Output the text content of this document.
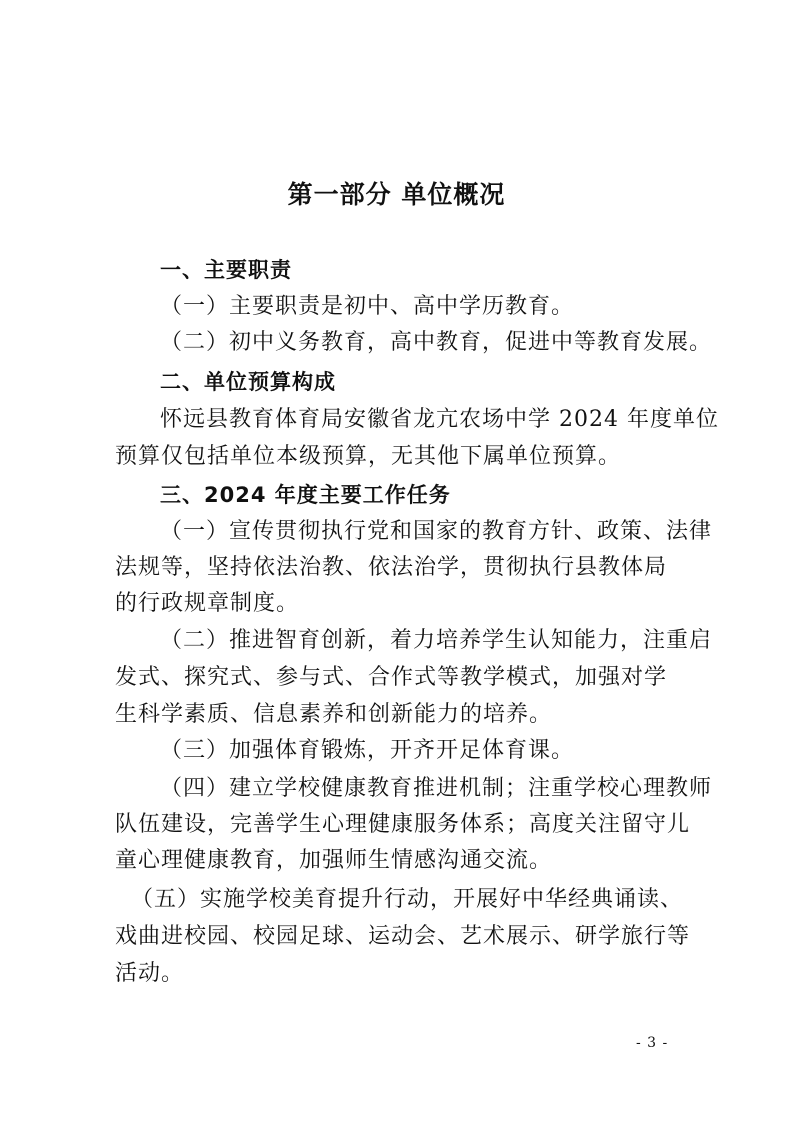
第一部分 单位概况
一、主要职责
（一）主要职责是初中、高中学历教育。
（二）初中义务教育，高中教育，促进中等教育发展。
二、单位预算构成
怀远县教育体育局安徽省龙亢农场中学 2024 年度单位
预算仅包括单位本级预算，无其他下属单位预算。
三、2024 年度主要工作任务
（一）宣传贯彻执行党和国家的教育方针、政策、法律
法规等，坚持依法治教、依法治学，贯彻执行县教体局
的行政规章制度。
（二）推进智育创新，着力培养学生认知能力，注重启
发式、探究式、参与式、合作式等教学模式，加强对学
生科学素质、信息素养和创新能力的培养。
（三）加强体育锻炼，开齐开足体育课。
（四）建立学校健康教育推进机制；注重学校心理教师
队伍建设，完善学生心理健康服务体系；高度关注留守儿
童心理健康教育，加强师生情感沟通交流。
（五）实施学校美育提升行动，开展好中华经典诵读、
戏曲进校园、校园足球、运动会、艺术展示、研学旅行等
活动。
- 3 -
